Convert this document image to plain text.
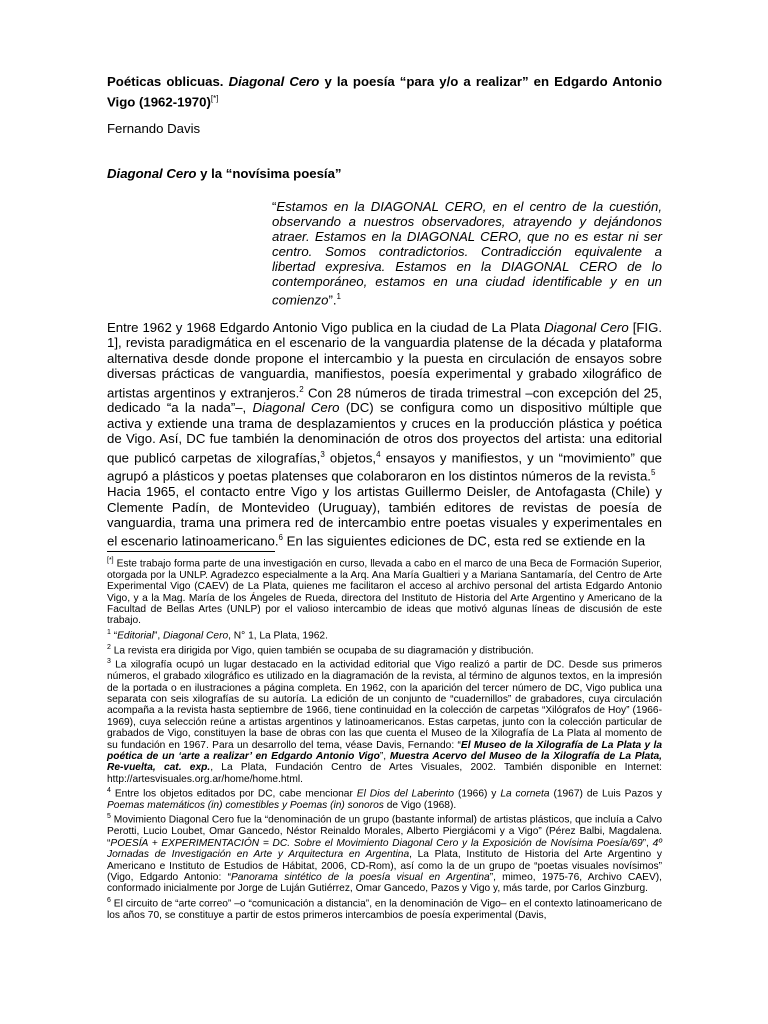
Poéticas oblicuas. Diagonal Cero y la poesía “para y/o a realizar” en Edgardo Antonio Vigo (1962-1970)[*]

Fernando Davis

Diagonal Cero y la “novísima poesía”

“Estamos en la DIAGONAL CERO, en el centro de la cuestión, observando a nuestros observadores, atrayendo y dejándonos atraer. Estamos en la DIAGONAL CERO, que no es estar ni ser centro. Somos contradictorios. Contradicción equivalente a libertad expresiva. Estamos en la DIAGONAL CERO de lo contemporáneo, estamos en una ciudad identificable y en un comienzo”.$^1$

Entre 1962 y 1968 Edgardo Antonio Vigo publica en la ciudad de La Plata Diagonal Cero [FIG. 1], revista paradigmática en el escenario de la vanguardia platense de la década y plataforma alternativa desde donde propone el intercambio y la puesta en circulación de ensayos sobre diversas prácticas de vanguardia, manifiestos, poesía experimental y grabado xilográfico de artistas argentinos y extranjeros.$^2$ Con 28 números de tirada trimestral –con excepción del 25, dedicado “a la nada”–, Diagonal Cero (DC) se configura como un dispositivo múltiple que activa y extiende una trama de desplazamientos y cruces en la producción plástica y poética de Vigo. Así, DC fue también la denominación de otros dos proyectos del artista: una editorial que publicó carpetas de xilografías,$^3$ objetos,$^4$ ensayos y manifiestos, y un “movimiento” que agrupó a plásticos y poetas platenses que colaboraron en los distintos números de la revista.$^5$

Hacia 1965, el contacto entre Vigo y los artistas Guillermo Deisler, de Antofagasta (Chile) y Clemente Padín, de Montevideo (Uruguay), también editores de revistas de poesía de vanguardia, trama una primera red de intercambio entre poetas visuales y experimentales en el escenario latinoamericano.$^6$ En las siguientes ediciones de DC, esta red se extiende en la

[*] Este trabajo forma parte de una investigación en curso, llevada a cabo en el marco de una Beca de Formación Superior, otorgada por la UNLP. Agradezco especialmente a la Arq. Ana María Gualtieri y a Mariana Santamaría, del Centro de Arte Experimental Vigo (CAEV) de La Plata, quienes me facilitaron el acceso al archivo personal del artista Edgardo Antonio Vigo, y a la Mag. María de los Ángeles de Rueda, directora del Instituto de Historia del Arte Argentino y Americano de la Facultad de Bellas Artes (UNLP) por el valioso intercambio de ideas que motivó algunas líneas de discusión de este trabajo.

$^1$ “Editorial”, Diagonal Cero, N° 1, La Plata, 1962.

$^2$ La revista era dirigida por Vigo, quien también se ocupaba de su diagramación y distribución.

$^3$ La xilografía ocupó un lugar destacado en la actividad editorial que Vigo realizó a partir de DC. Desde sus primeros números, el grabado xilográfico es utilizado en la diagramación de la revista, al término de algunos textos, en la impresión de la portada o en ilustraciones a página completa. En 1962, con la aparición del tercer número de DC, Vigo publica una separata con seis xilografías de su autoría. La edición de un conjunto de “cuadernillos” de grabadores, cuya circulación acompaña a la revista hasta septiembre de 1966, tiene continuidad en la colección de carpetas “Xilógrafos de Hoy” (1966-1969), cuya selección reúne a artistas argentinos y latinoamericanos. Estas carpetas, junto con la colección particular de grabados de Vigo, constituyen la base de obras con las que cuenta el Museo de la Xilografía de La Plata al momento de su fundación en 1967. Para un desarrollo del tema, véase Davis, Fernando: “El Museo de la Xilografía de La Plata y la poética de un ‘arte a realizar’ en Edgardo Antonio Vigo”, Muestra Acervo del Museo de la Xilografía de La Plata, Re-vuelta, cat. exp., La Plata, Fundación Centro de Artes Visuales, 2002. También disponible en Internet: http://artesvisuales.org.ar/home/home.html.

$^4$ Entre los objetos editados por DC, cabe mencionar El Dios del Laberinto (1966) y La corneta (1967) de Luis Pazos y Poemas matemáticos (in) comestibles y Poemas (in) sonoros de Vigo (1968).

$^5$ Movimiento Diagonal Cero fue la “denominación de un grupo (bastante informal) de artistas plásticos, que incluía a Calvo Perotti, Lucio Loubet, Omar Gancedo, Néstor Reinaldo Morales, Alberto Piergiácomi y a Vigo” (Pérez Balbi, Magdalena. “POESÍA + EXPERIMENTACIÓN = DC. Sobre el Movimiento Diagonal Cero y la Exposición de Novísima Poesía/69”, 4º Jornadas de Investigación en Arte y Arquitectura en Argentina, La Plata, Instituto de Historia del Arte Argentino y Americano e Instituto de Estudios de Hábitat, 2006, CD-Rom), así como la de un grupo de “poetas visuales novísimos” (Vigo, Edgardo Antonio: “Panorama sintético de la poesía visual en Argentina”, mimeo, 1975-76, Archivo CAEV), conformado inicialmente por Jorge de Luján Gutiérrez, Omar Gancedo, Pazos y Vigo y, más tarde, por Carlos Ginzburg.

$^6$ El circuito de “arte correo” –o “comunicación a distancia”, en la denominación de Vigo– en el contexto latinoamericano de los años 70, se constituye a partir de estos primeros intercambios de poesía experimental (Davis,
